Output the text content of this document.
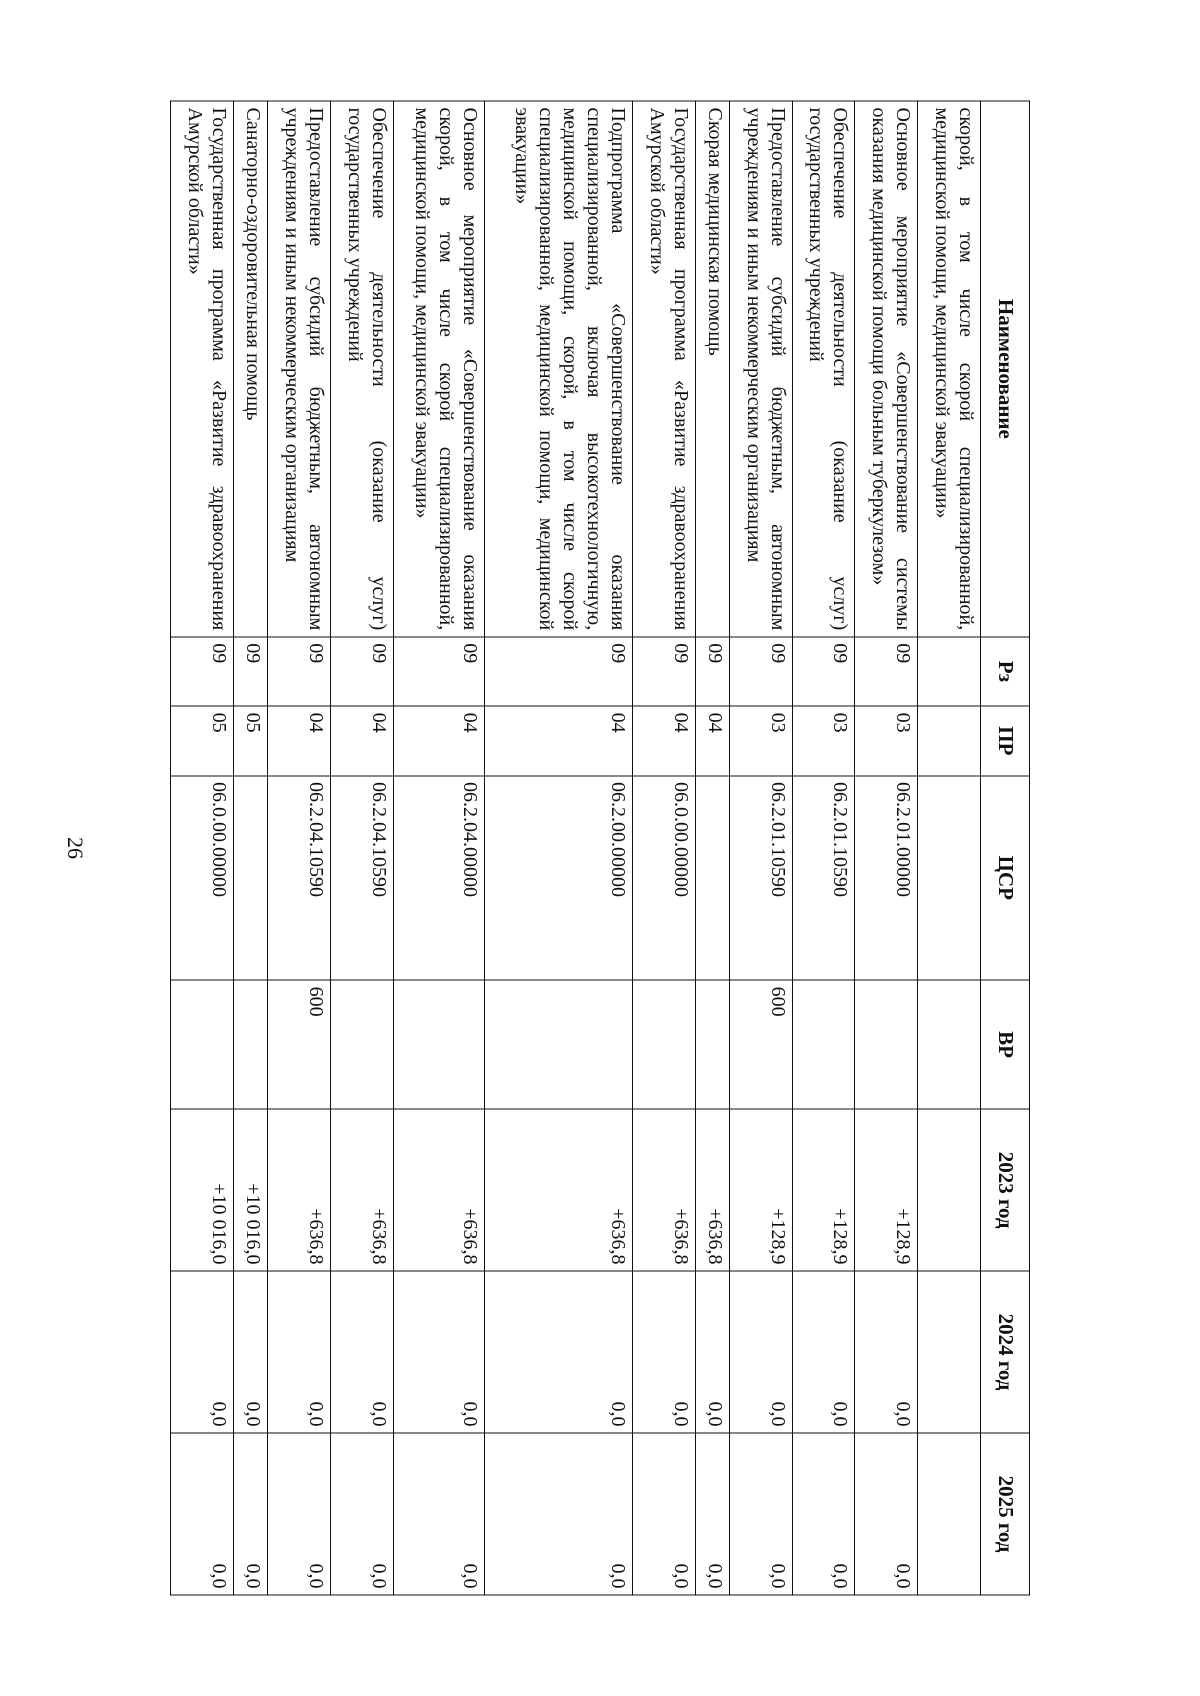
26
Наименование	Рз	ПР	ЦСР	ВР	2023 год	2024 год	2025 год
скорой, в том числе скорой специализированной, медицинской помощи, медицинской эвакуации»							
Основное мероприятие «Совершенствование системы оказания медицинской помощи больным туберкулезом»	09	03	06.2.01.00000		+128,9	0,0	0,0
Обеспечение деятельности (оказание услуг) государственных учреждений	09	03	06.2.01.10590		+128,9	0,0	0,0
Предоставление субсидий бюджетным, автономным учреждениям и иным некоммерческим организациям	09	03	06.2.01.10590	600	+128,9	0,0	0,0
Скорая медицинская помощь	09	04			+636,8	0,0	0,0
Государственная программа «Развитие здравоохранения Амурской области»	09	04	06.0.00.00000		+636,8	0,0	0,0
Подпрограмма «Совершенствование оказания специализированной, включая высокотехнологичную, медицинской помощи, скорой, в том числе скорой специализированной, медицинской помощи, медицинской эвакуации»	09	04	06.2.00.00000		+636,8	0,0	0,0
Основное мероприятие «Совершенствование оказания скорой, в том числе скорой специализированной, медицинской помощи, медицинской эвакуации»	09	04	06.2.04.00000		+636,8	0,0	0,0
Обеспечение деятельности (оказание услуг) государственных учреждений	09	04	06.2.04.10590		+636,8	0,0	0,0
Предоставление субсидий бюджетным, автономным учреждениям и иным некоммерческим организациям	09	04	06.2.04.10590	600	+636,8	0,0	0,0
Санаторно-оздоровительная помощь	09	05			+10 016,0	0,0	0,0
Государственная программа «Развитие здравоохранения Амурской области»	09	05	06.0.00.00000		+10 016,0	0,0	0,0
